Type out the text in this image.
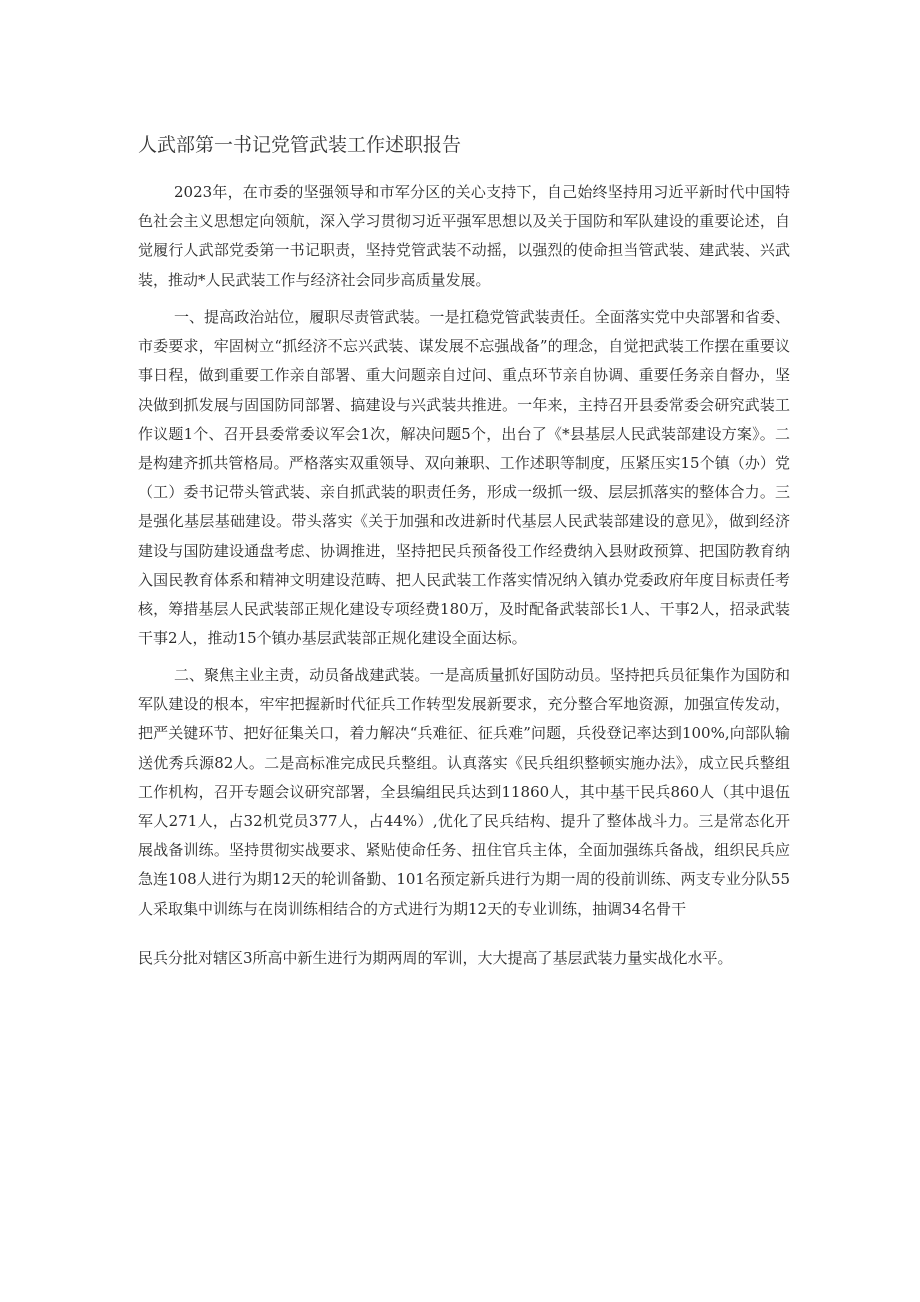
人武部第一书记党管武装工作述职报告

2023年，在市委的坚强领导和市军分区的关心支持下，自己始终坚持用习近平新时代中国特色社会主义思想定向领航，深入学习贯彻习近平强军思想以及关于国防和军队建设的重要论述，自觉履行人武部党委第一书记职责，坚持党管武装不动摇，以强烈的使命担当管武装、建武装、兴武装，推动*人民武装工作与经济社会同步高质量发展。

一、提高政治站位，履职尽责管武装。一是扛稳党管武装责任。全面落实党中央部署和省委、市委要求，牢固树立“抓经济不忘兴武装、谋发展不忘强战备”的理念，自觉把武装工作摆在重要议事日程，做到重要工作亲自部署、重大问题亲自过问、重点环节亲自协调、重要任务亲自督办，坚决做到抓发展与固国防同部署、搞建设与兴武装共推进。一年来，主持召开县委常委会研究武装工作议题1个、召开县委常委议军会1次，解决问题5个，出台了《*县基层人民武装部建设方案》。二是构建齐抓共管格局。严格落实双重领导、双向兼职、工作述职等制度，压紧压实15个镇（办）党（工）委书记带头管武装、亲自抓武装的职责任务，形成一级抓一级、层层抓落实的整体合力。三是强化基层基础建设。带头落实《关于加强和改进新时代基层人民武装部建设的意见》，做到经济建设与国防建设通盘考虑、协调推进，坚持把民兵预备役工作经费纳入县财政预算、把国防教育纳入国民教育体系和精神文明建设范畴、把人民武装工作落实情况纳入镇办党委政府年度目标责任考核，筹措基层人民武装部正规化建设专项经费180万，及时配备武装部长1人、干事2人，招录武装干事2人，推动15个镇办基层武装部正规化建设全面达标。

二、聚焦主业主责，动员备战建武装。一是高质量抓好国防动员。坚持把兵员征集作为国防和军队建设的根本，牢牢把握新时代征兵工作转型发展新要求，充分整合军地资源，加强宣传发动，把严关键环节、把好征集关口，着力解决“兵难征、征兵难”问题，兵役登记率达到100%,向部队输送优秀兵源82人。二是高标准完成民兵整组。认真落实《民兵组织整顿实施办法》，成立民兵整组工作机构，召开专题会议研究部署，全县编组民兵达到11860人，其中基干民兵860人（其中退伍军人271人，占32机党员377人，占44%）,优化了民兵结构、提升了整体战斗力。三是常态化开展战备训练。坚持贯彻实战要求、紧贴使命任务、扭住官兵主体，全面加强练兵备战，组织民兵应急连108人进行为期12天的轮训备勤、101名预定新兵进行为期一周的役前训练、两支专业分队55人采取集中训练与在岗训练相结合的方式进行为期12天的专业训练，抽调34名骨干

民兵分批对辖区3所高中新生进行为期两周的军训，大大提高了基层武装力量实战化水平。
